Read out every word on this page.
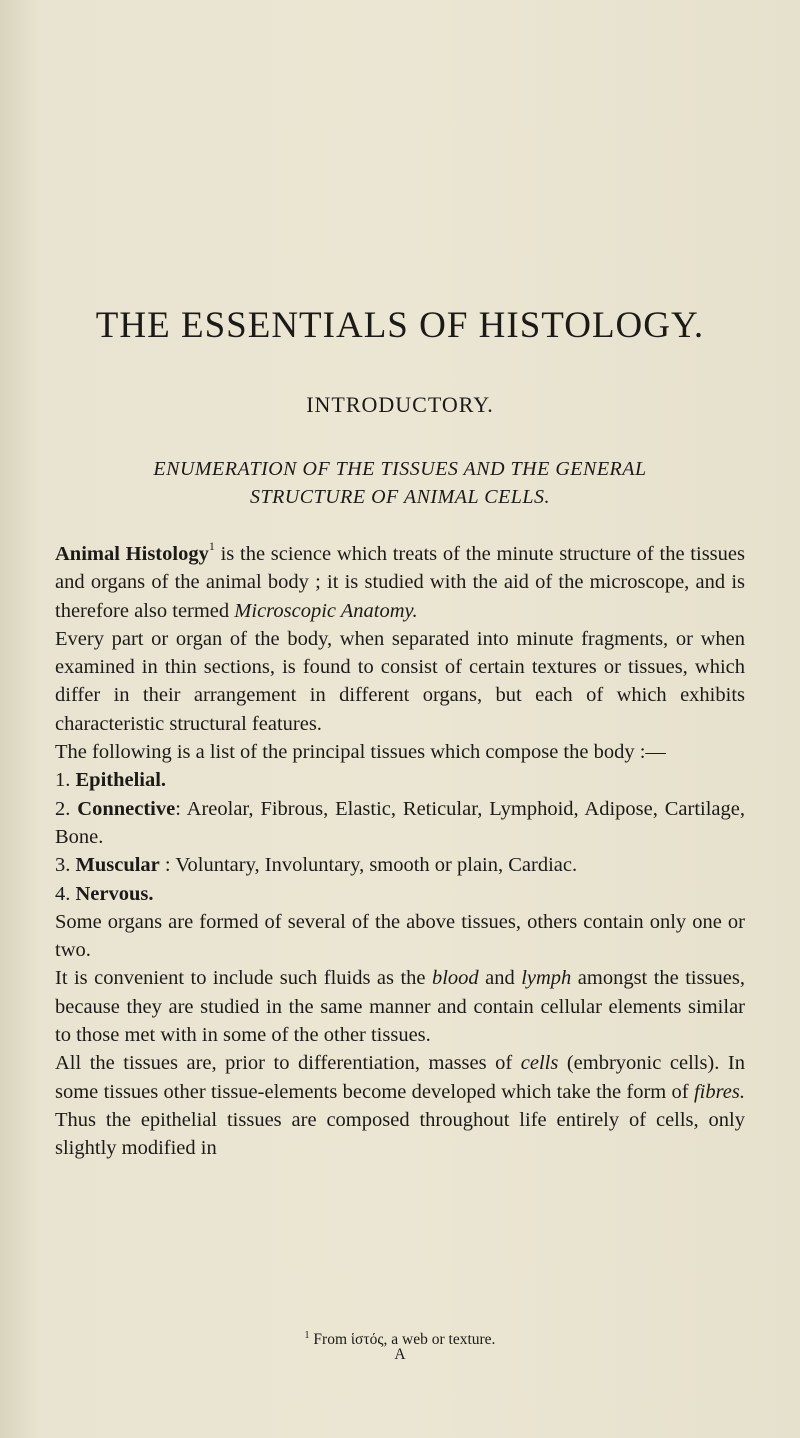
THE ESSENTIALS OF HISTOLOGY.
INTRODUCTORY.
ENUMERATION OF THE TISSUES AND THE GENERAL STRUCTURE OF ANIMAL CELLS.

Animal Histology$^1$ is the science which treats of the minute structure of the tissues and organs of the animal body ; it is studied with the aid of the microscope, and is therefore also termed Microscopic Anatomy.

Every part or organ of the body, when separated into minute fragments, or when examined in thin sections, is found to consist of certain textures or tissues, which differ in their arrangement in different organs, but each of which exhibits characteristic structural features.

The following is a list of the principal tissues which compose the body :—

1. Epithelial.

2. Connective: Areolar, Fibrous, Elastic, Reticular, Lymphoid, Adipose, Cartilage, Bone.

3. Muscular : Voluntary, Involuntary, smooth or plain, Cardiac.

4. Nervous.

Some organs are formed of several of the above tissues, others contain only one or two.

It is convenient to include such fluids as the blood and lymph amongst the tissues, because they are studied in the same manner and contain cellular elements similar to those met with in some of the other tissues.

All the tissues are, prior to differentiation, masses of cells (embryonic cells). In some tissues other tissue-elements become developed which take the form of fibres. Thus the epithelial tissues are composed throughout life entirely of cells, only slightly modified in

$^1$ From ἱστός, a web or texture.
A
